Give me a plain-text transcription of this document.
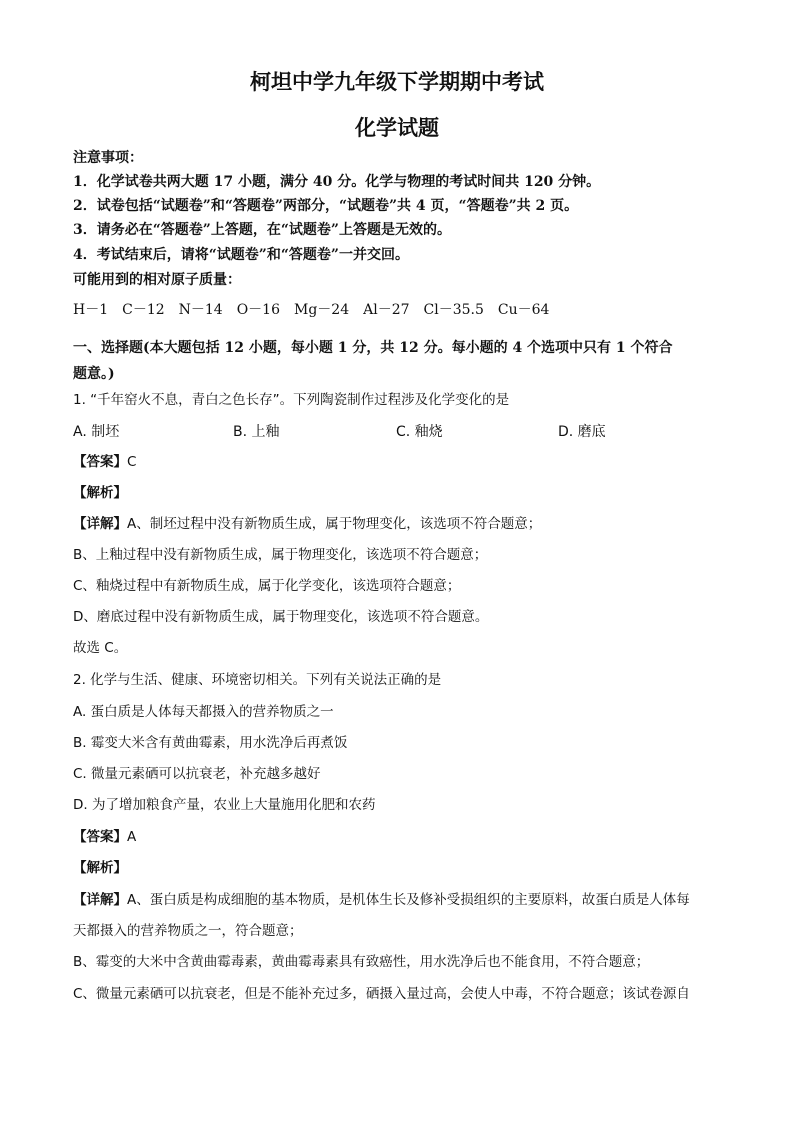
柯坦中学九年级下学期期中考试
化学试题
注意事项：
1．化学试卷共两大题 17 小题，满分 40 分。化学与物理的考试时间共 120 分钟。
2．试卷包括“试题卷”和“答题卷”两部分，“试题卷”共 4 页，“答题卷”共 2 页。
3．请务必在“答题卷”上答题，在“试题卷”上答题是无效的。
4．考试结束后，请将“试题卷”和“答题卷”一并交回。
可能用到的相对原子质量：
H－1　C－12　N－14　O－16　Mg－24　Al－27　Cl－35.5　Cu－64
一、选择题(本大题包括 12 小题，每小题 1 分，共 12 分。每小题的 4 个选项中只有 1 个符合
题意。)
1. “千年窑火不息，青白之色长存”。下列陶瓷制作过程涉及化学变化的是
A. 制坯	B. 上釉	C. 釉烧	D. 磨底
【答案】C
【解析】
【详解】A、制坯过程中没有新物质生成，属于物理变化，该选项不符合题意；
B、上釉过程中没有新物质生成，属于物理变化，该选项不符合题意；
C、釉烧过程中有新物质生成，属于化学变化，该选项符合题意；
D、磨底过程中没有新物质生成，属于物理变化，该选项不符合题意。
故选 C。
2. 化学与生活、健康、环境密切相关。下列有关说法正确的是
A. 蛋白质是人体每天都摄入的营养物质之一
B. 霉变大米含有黄曲霉素，用水洗净后再煮饭
C. 微量元素硒可以抗衰老，补充越多越好
D. 为了增加粮食产量，农业上大量施用化肥和农药
【答案】A
【解析】
【详解】A、蛋白质是构成细胞的基本物质，是机体生长及修补受损组织的主要原料，故蛋白质是人体每
天都摄入的营养物质之一，符合题意；
B、霉变的大米中含黄曲霉毒素，黄曲霉毒素具有致癌性，用水洗净后也不能食用，不符合题意；
C、微量元素硒可以抗衰老，但是不能补充过多，硒摄入量过高，会使人中毒，不符合题意；该试卷源自
